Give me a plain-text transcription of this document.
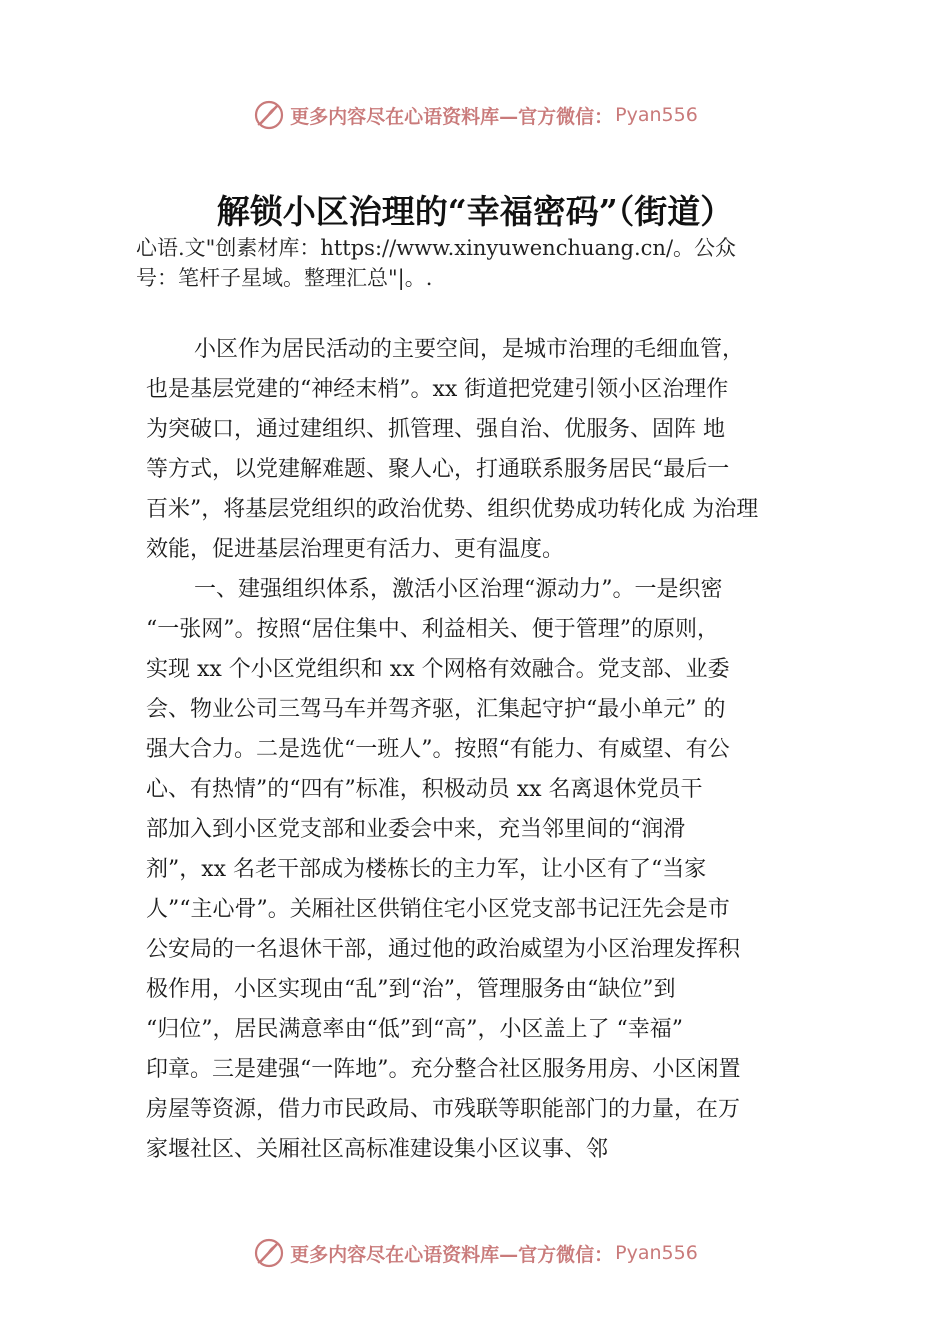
更多内容尽在心语资料库—官方微信： Pyan556
解锁小区治理的“幸福密码”（街道）
心语.文"创素材库：https://www.xinyuwenchuang.cn/。公众
号：笔杆子星域。整理汇总"|。.
小区作为居民活动的主要空间，是城市治理的毛细血管，
也是基层党建的“神经末梢”。xx 街道把党建引领小区治理作
为突破口，通过建组织、抓管理、强自治、优服务、固阵 地
等方式，以党建解难题、聚人心，打通联系服务居民“最后一
百米”，将基层党组织的政治优势、组织优势成功转化成 为治理
效能，促进基层治理更有活力、更有温度。
一、建强组织体系，激活小区治理“源动力”。一是织密
“一张网”。按照“居住集中、利益相关、便于管理”的原则，
实现 xx 个小区党组织和 xx 个网格有效融合。党支部、业委
会、物业公司三驾马车并驾齐驱，汇集起守护“最小单元” 的
强大合力。二是选优“一班人”。按照“有能力、有威望、有公
心、有热情”的“四有”标准，积极动员 xx 名离退休党员干
部加入到小区党支部和业委会中来，充当邻里间的“润滑
剂”，xx 名老干部成为楼栋长的主力军，让小区有了“当家
人”“主心骨”。关厢社区供销住宅小区党支部书记汪先会是市
公安局的一名退休干部，通过他的政治威望为小区治理发挥积
极作用，小区实现由“乱”到“治”，管理服务由“缺位”到
“归位”，居民满意率由“低”到“高”，小区盖上了 “幸福”
印章。三是建强“一阵地”。充分整合社区服务用房、小区闲置
房屋等资源，借力市民政局、市残联等职能部门的力量，在万
家堰社区、关厢社区高标准建设集小区议事、邻
更多内容尽在心语资料库—官方微信： Pyan556
